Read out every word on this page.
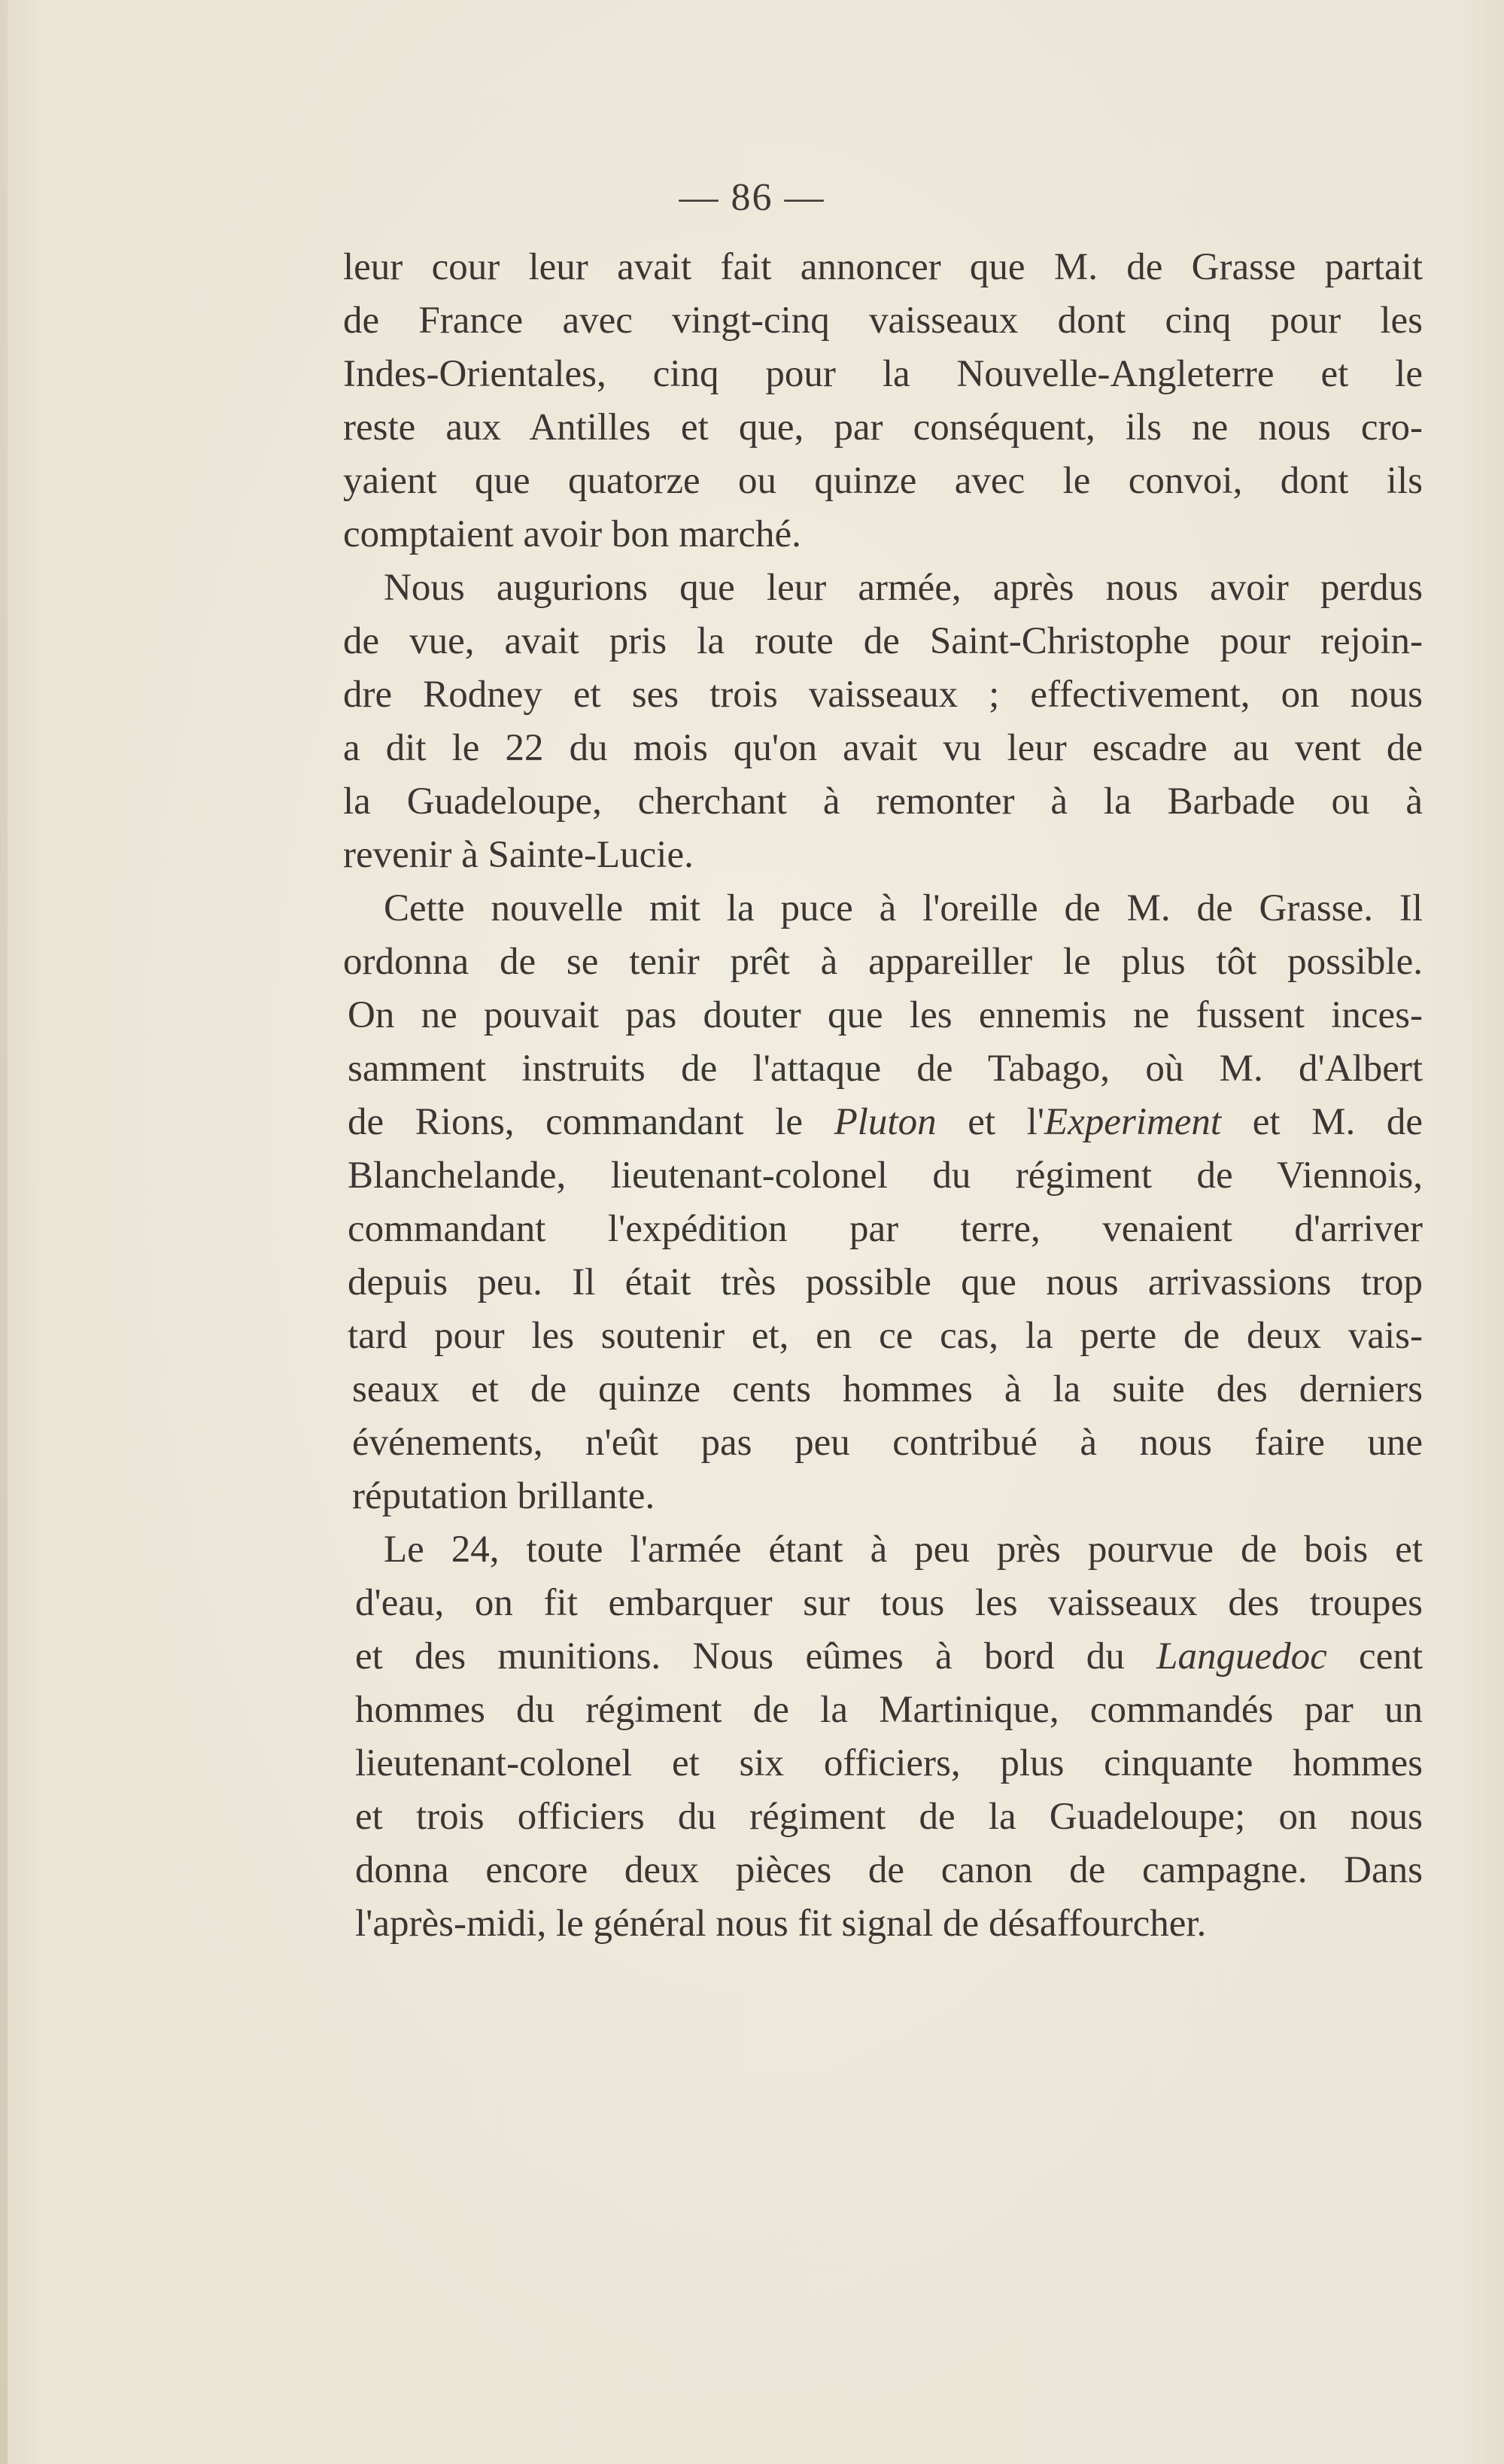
— 86 —

leur cour leur avait fait annoncer que M. de Grasse partait

de France avec vingt-cinq vaisseaux dont cinq pour les

Indes-Orientales, cinq pour la Nouvelle-Angleterre et le

reste aux Antilles et que, par conséquent, ils ne nous cro-

yaient que quatorze ou quinze avec le convoi, dont ils

comptaient avoir bon marché.

Nous augurions que leur armée, après nous avoir perdus

de vue, avait pris la route de Saint-Christophe pour rejoin-

dre Rodney et ses trois vaisseaux ; effectivement, on nous

a dit le 22 du mois qu'on avait vu leur escadre au vent de

la Guadeloupe, cherchant à remonter à la Barbade ou à

revenir à Sainte-Lucie.

Cette nouvelle mit la puce à l'oreille de M. de Grasse. Il

ordonna de se tenir prêt à appareiller le plus tôt possible.

On ne pouvait pas douter que les ennemis ne fussent inces-

samment instruits de l'attaque de Tabago, où M. d'Albert

de Rions, commandant le Pluton et l'Experiment et M. de

Blanchelande, lieutenant-colonel du régiment de Viennois,

commandant l'expédition par terre, venaient d'arriver

depuis peu. Il était très possible que nous arrivassions trop

tard pour les soutenir et, en ce cas, la perte de deux vais-

seaux et de quinze cents hommes à la suite des derniers

événements, n'eût pas peu contribué à nous faire une

réputation brillante.

Le 24, toute l'armée étant à peu près pourvue de bois et

d'eau, on fit embarquer sur tous les vaisseaux des troupes

et des munitions. Nous eûmes à bord du Languedoc cent

hommes du régiment de la Martinique, commandés par un

lieutenant-colonel et six officiers, plus cinquante hommes

et trois officiers du régiment de la Guadeloupe; on nous

donna encore deux pièces de canon de campagne. Dans

l'après-midi, le général nous fit signal de désaffourcher.
